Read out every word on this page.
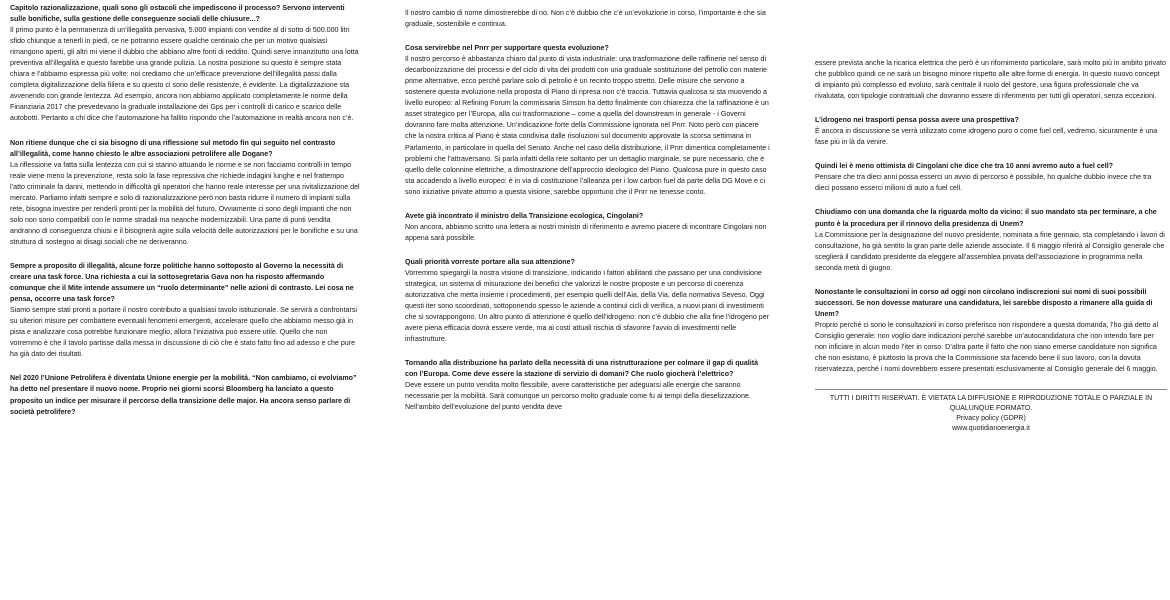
Capitolo razionalizzazione, quali sono gli ostacoli che impediscono il processo? Servono interventi sulle bonifiche, sulla gestione delle conseguenze sociali delle chiusure...?
Il primo punto è la permanenza di un’illegalità pervasiva, 5.000 impianti con vendite al di sotto di 500.000 litri sfido chiunque a tenerli in piedi, ce ne potranno essere qualche centinaio che per un motivo qualsiasi rimangono aperti, gli altri mi viene il dubbio che abbiano altre fonti di reddito. Quindi serve innanzitutto una lotta preventiva all’illegalità e questo farebbe una grande pulizia. La nostra posizione su questo è sempre stata chiara e l’abbiamo espressa più volte: noi crediamo che un’efficace prevenzione dell’illegalità passi dalla completa digitalizzazione della filiera e su questo ci sono delle resistenze, è evidente. La digitalizzazione sta avvenendo con grande lentezza. Ad esempio, ancora non abbiamo applicato completamente le norme della Finanziaria 2017 che prevedevano la graduale installazione dei Gps per i controlli di carico e scarico delle autobotti. Pertanto a chi dice che l’automazione ha fallito rispondo che l’automazione in realtà ancora non c’è.
Non ritiene dunque che ci sia bisogno di una riflessione sul metodo fin qui seguito nel contrasto all’illegalità, come hanno chiesto le altre associazioni petrolifere alle Dogane?
La riflessione va fatta sulla lentezza con cui si stanno attuando le norme e se non facciamo controlli in tempo reale viene meno la prevenzione, resta solo la fase repressiva che richiede indagini lunghe e nel frattempo l’atto criminale fa danni, mettendo in difficoltà gli operatori che hanno reale interesse per una rivitalizzazione del mercato. Parliamo infatti sempre e solo di razionalizzazione però non basta ridurre il numero di impianti sulla rete, bisogna investire per renderli pronti per la mobilità del futuro. Ovviamente ci sono degli impianti che non solo non sono compatibili con le norme stradali ma neanche modernizzabili. Una parte di punti vendita andranno di conseguenza chiusi e il bisognerà agire sulla velocità delle autorizzazioni per le bonifiche e su una struttura di sostegno ai disagi sociali che ne deriveranno.
Sempre a proposito di illegalità, alcune forze politiche hanno sottoposto al Governo la necessità di creare una task force. Una richiesta a cui la sottosegretaria Gava non ha risposto affermando comunque che il Mite intende assumere un “ruolo determinante” nelle azioni di contrasto. Lei cosa ne pensa, occorre una task force?
Siamo sempre stati pronti a portare il nostro contributo a qualsiasi tavolo istituzionale. Se servirà a confrontarsi su ulteriori misure per combattere eventuali fenomeni emergenti, accelerare quello che abbiamo messo già in pista e analizzare cosa potrebbe funzionare meglio, allora l’iniziativa può essere utile. Quello che non vorremmo è che il tavolo partisse dalla messa in discussione di ciò che è stato fatto fino ad adesso e che pure ha già dato dei risultati.
Nel 2020 l’Unione Petrolifera è diventata Unione energie per la mobilità. “Non cambiamo, ci evolviamo” ha detto nel presentare il nuovo nome. Proprio nei giorni scorsi Bloomberg ha lanciato a questo proposito un indice per misurare il percorso della transizione delle major. Ha ancora senso parlare di società petrolifere?
Il nostro cambio di nome dimostrerebbe di no. Non c’è dubbio che c’è un’evoluzione in corso, l’importante è che sia graduale, sostenibile e continua.
Cosa servirebbe nel Pnrr per supportare questa evoluzione?
Il nostro percorso è abbastanza chiaro dal punto di vista industriale: una trasformazione delle raffinerie nel senso di decarbonizzazione dei processi e del ciclo di vita dei prodotti con una graduale sostituzione del petrolio con materie prime alternative, ecco perché parlare solo di petrolio è un recinto troppo stretto. Delle misure che servono a sostenere questa evoluzione nella proposta di Piano di ripresa non c’è traccia. Tuttavia qualcosa si sta muovendo a livello europeo: al Refining Forum la commissaria Simson ha detto finalmente con chiarezza che la raffinazione è un asset strategico per l’Europa, alla cui trasformazione – come a quella del downstream in generale - i Governi dovranno fare molta attenzione. Un’indicazione forte della Commissione ignorata nel Pnrr. Noto però con piacere che la nostra critica al Piano è stata condivisa dalle risoluzioni sul documento approvate la scorsa settimana in Parlamento, in particolare in quella del Senato. Anche nel caso della distribuzione, il Pnrr dimentica completamente i problemi che l’attraversano. Si parla infatti della rete soltanto per un dettaglio marginale, se pure necessario, che è quello delle colonnine elettriche, a dimostrazione dell’approccio ideologico del Piano. Qualcosa pure in questo caso sta accadendo a livello europeo: è in via di costituzione l’alleanza per i low carbon fuel da parte della DG Move e ci sono iniziative private attorno a questa visione, sarebbe opportuno che il Pnrr ne tenesse conto.
Avete già incontrato il ministro della Transizione ecologica, Cingolani?
Non ancora, abbiamo scritto una lettera ai nostri ministri di riferimento e avremo piacere di incontrare Cingolani non appena sarà possibile.
Quali priorità vorreste portare alla sua attenzione?
Vorremmo spiegargli la nostra visione di transizione, indicando i fattori abilitanti che passano per una condivisione strategica, un sistema di misurazione dei benefici che valorizzi le nostre proposte e un percorso di coerenza autorizzativa che metta insieme i procedimenti, per esempio quelli dell’Aia, della Via, della normativa Seveso. Oggi questi iter sono scoordinati, sottoponendo spesso le aziende a continui cicli di verifica, a nuovi piani di investimenti che si sovrappongono. Un altro punto di attenzione è quello dell’idrogeno: non c’è dubbio che alla fine l’idrogeno per avere piena efficacia dovrà essere verde, ma ai costi attuali rischia di sfavorire l’avvio di investimenti nelle infrastrutture.
Tornando alla distribuzione ha parlato della necessità di una ristrutturazione per colmare il gap di qualità con l’Europa. Come deve essere la stazione di servizio di domani? Che ruolo giocherà l’elettrico?
Deve essere un punto vendita molto flessibile, avere caratteristiche per adeguarsi alle energie che saranno necessarie per la mobilità. Sarà comunque un percorso molto graduale come fu ai tempi della dieselizzazione. Nell’ambito dell’evoluzione del punto vendita deve
essere prevista anche la ricarica elettrica che però è un rifornimento particolare, sarà molto più in ambito privato che pubblico quindi ce ne sarà un bisogno minore rispetto alle altre forme di energia. In questo nuovo concept di impianto più complesso ed evoluto, sarà centrale il ruolo del gestore, una figura professionale che va rivalutata, con tipologie contrattuali che dovranno essere di riferimento per tutti gli operatori, senza eccezioni.
L’idrogeno nei trasporti pensa possa avere una prospettiva?
È ancora in discussione se verrà utilizzato come idrogeno puro o come fuel cell, vedremo, sicuramente è una fase più in là da venire.
Quindi lei è meno ottimista di Cingolani che dice che tra 10 anni avremo auto a fuel cell?
Pensare che tra dieci anni possa esserci un avvio di percorso è possibile, ho qualche dubbio invece che tra dieci possano esserci milioni di auto a fuel cell.
Chiudiamo con una domanda che la riguarda molto da vicino: il suo mandato sta per terminare, a che punto è la procedura per il rinnovo della presidenza di Unem?
La Commissione per la designazione del nuovo presidente, nominata a fine gennaio, sta completando i lavori di consultazione, ha già sentito la gran parte delle aziende associate. Il 6 maggio riferirà al Consiglio generale che sceglierà il candidato presidente da eleggere all’assemblea privata dell’associazione in programma nella seconda metà di giugno.
Nonostante le consultazioni in corso ad oggi non circolano indiscrezioni sui nomi di suoi possibili successori. Se non dovesse maturare una candidatura, lei sarebbe disposto a rimanere alla guida di Unem?
Proprio perché ci sono le consultazioni in corso preferisco non rispondere a questa domanda, l’ho già detto al Consiglio generale: non voglio dare indicazioni perché sarebbe un’autocandidatura che non intendo fare per non inficiare in alcun modo l’iter in corso. D’altra parte il fatto che non siano emerse candidature non significa che non esistano, è piuttosto la prova che la Commissione sta facendo bene il suo lavoro, con la dovuta riservatezza, perché i nomi dovrebbero essere presentati esclusivamente al Consiglio generale del 6 maggio.
TUTTI I DIRITTI RISERVATI. È VIETATA LA DIFFUSIONE E RIPRODUZIONE TOTALE O PARZIALE IN QUALUNQUE FORMATO.
Privacy policy (GDPR)
www.quotidianoenergia.it
